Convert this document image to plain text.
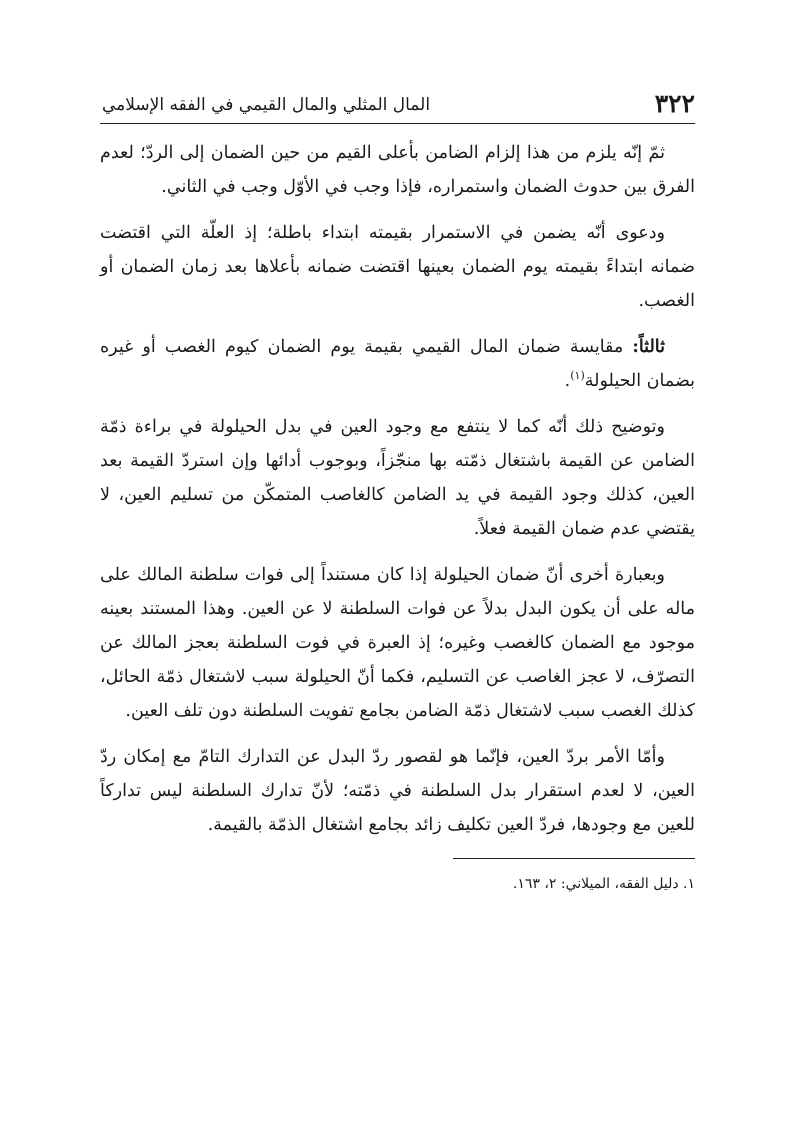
٣٢٢
المال المثلي والمال القيمي في الفقه الإسلامي

ثمّ إنّه يلزم من هذا إلزام الضامن بأعلى القيم من حين الضمان إلى الردّ؛ لعدم الفرق بين حدوث الضمان واستمراره، فإذا وجب في الأوّل وجب في الثاني.

ودعوى أنّه يضمن في الاستمرار بقيمته ابتداء باطلة؛ إذ العلّة التي اقتضت ضمانه ابتداءً بقيمته يوم الضمان بعينها اقتضت ضمانه بأعلاها بعد زمان الضمان أو الغصب.

ثالثاً: مقايسة ضمان المال القيمي بقيمة يوم الضمان كيوم الغصب أو غيره بضمان الحيلولة$^{(١)}$.

وتوضيح ذلك أنّه كما لا ينتفع مع وجود العين في بدل الحيلولة في براءة ذمّة الضامن عن القيمة باشتغال ذمّته بها منجّزاً، وبوجوب أدائها وإن استردّ القيمة بعد العين، كذلك وجود القيمة في يد الضامن كالغاصب المتمكّن من تسليم العين، لا يقتضي عدم ضمان القيمة فعلاً.

وبعبارة أخرى أنّ ضمان الحيلولة إذا كان مستنداً إلى فوات سلطنة المالك على ماله على أن يكون البدل بدلاً عن فوات السلطنة لا عن العين. وهذا المستند بعينه موجود مع الضمان كالغصب وغيره؛ إذ العبرة في فوت السلطنة بعجز المالك عن التصرّف، لا عجز الغاصب عن التسليم، فكما أنّ الحيلولة سبب لاشتغال ذمّة الحائل، كذلك الغصب سبب لاشتغال ذمّة الضامن بجامع تفويت السلطنة دون تلف العين.

وأمّا الأمر بردّ العين، فإنّما هو لقصور ردّ البدل عن التدارك التامّ مع إمكان ردّ العين، لا لعدم استقرار بدل السلطنة في ذمّته؛ لأنّ تدارك السلطنة ليس تداركاً للعين مع وجودها، فردّ العين تكليف زائد بجامع اشتغال الذمّة بالقيمة.

١. دليل الفقه، الميلاني: ٢، ١٦٣.
